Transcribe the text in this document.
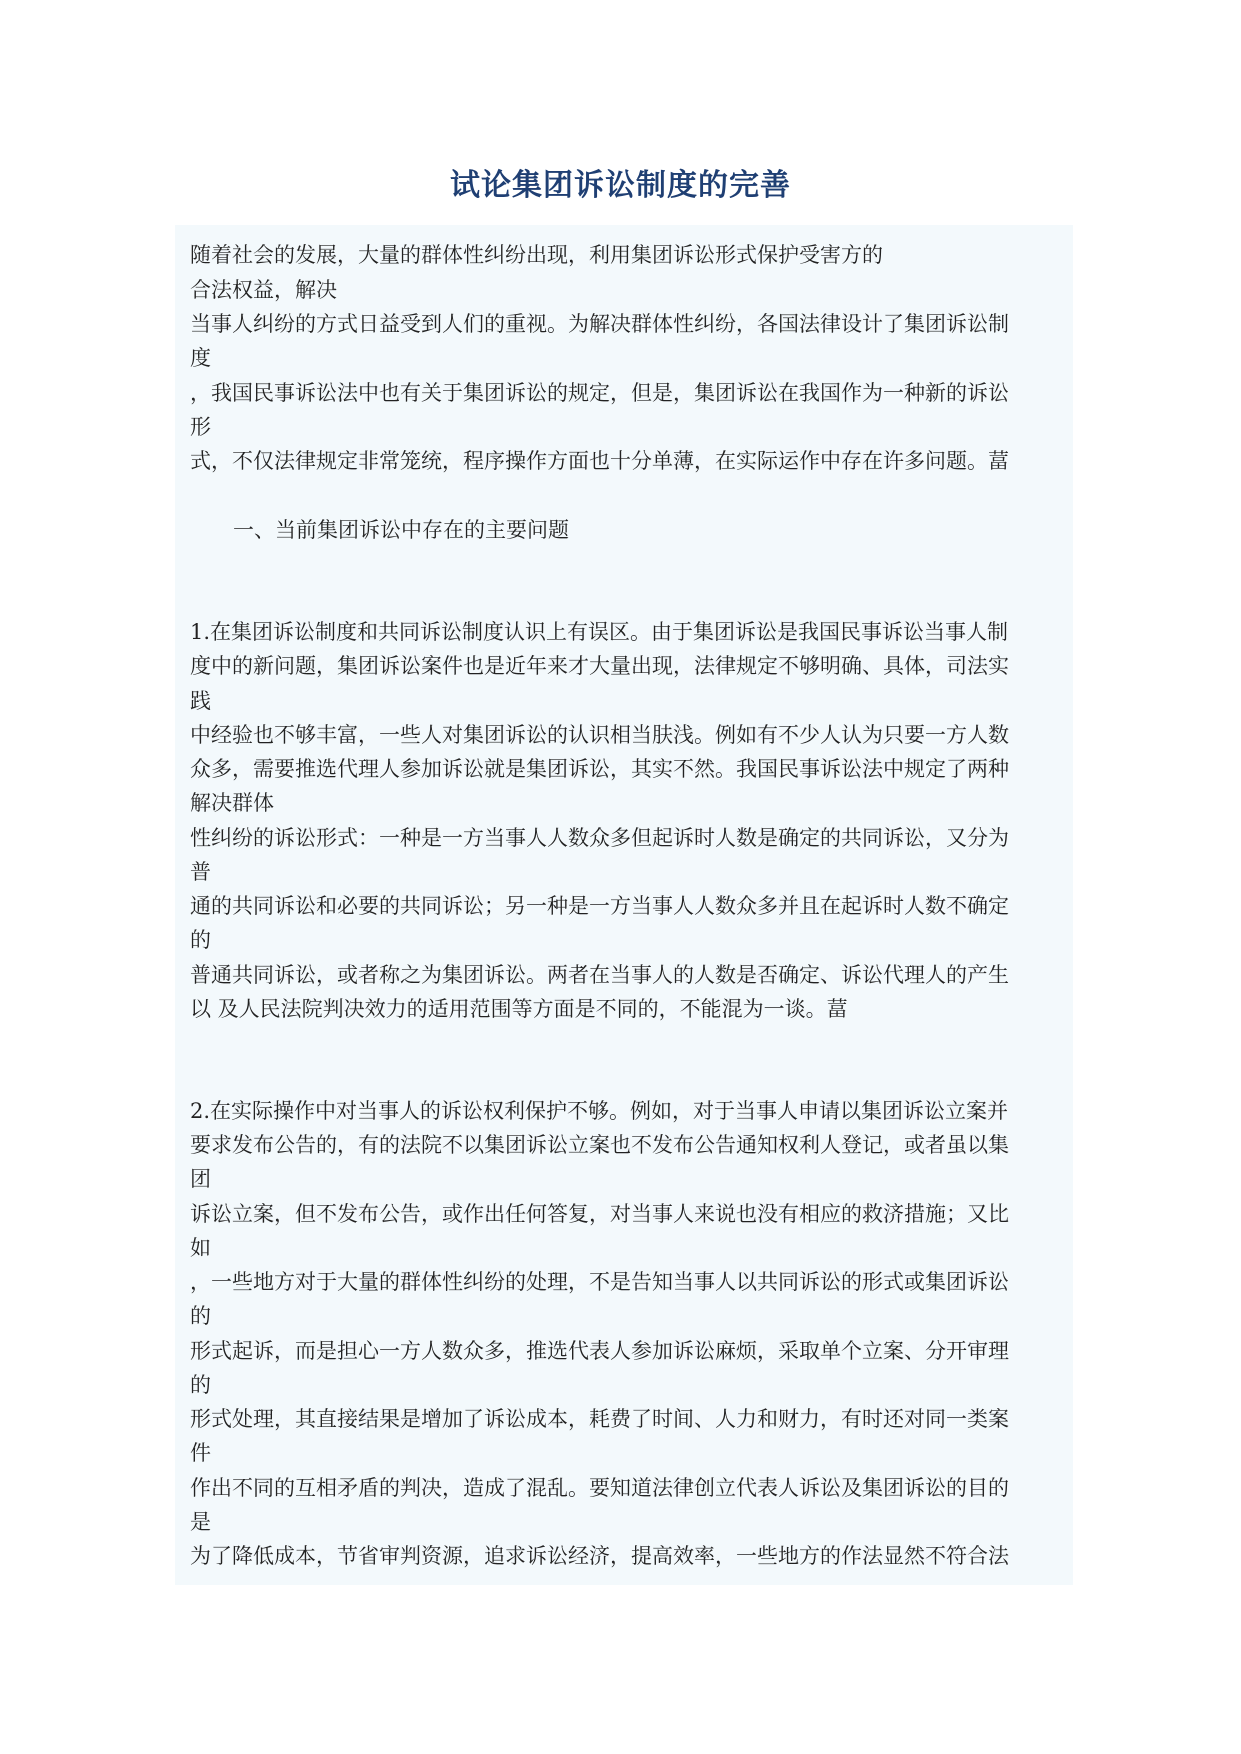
试论集团诉讼制度的完善
随着社会的发展，大量的群体性纠纷出现，利用集团诉讼形式保护受害方的
合法权益，解决
当事人纠纷的方式日益受到人们的重视。为解决群体性纠纷，各国法律设计了集团诉讼制
度
，我国民事诉讼法中也有关于集团诉讼的规定，但是，集团诉讼在我国作为一种新的诉讼
形
式，不仅法律规定非常笼统，程序操作方面也十分单薄，在实际运作中存在许多问题。葍
一、当前集团诉讼中存在的主要问题
1.在集团诉讼制度和共同诉讼制度认识上有误区。由于集团诉讼是我国民事诉讼当事人制
度中的新问题，集团诉讼案件也是近年来才大量出现，法律规定不够明确、具体，司法实
践
中经验也不够丰富，一些人对集团诉讼的认识相当肤浅。例如有不少人认为只要一方人数
众多，需要推选代理人参加诉讼就是集团诉讼，其实不然。我国民事诉讼法中规定了两种
解决群体
性纠纷的诉讼形式：一种是一方当事人人数众多但起诉时人数是确定的共同诉讼，又分为
普
通的共同诉讼和必要的共同诉讼；另一种是一方当事人人数众多并且在起诉时人数不确定
的
普通共同诉讼，或者称之为集团诉讼。两者在当事人的人数是否确定、诉讼代理人的产生
以 及人民法院判决效力的适用范围等方面是不同的，不能混为一谈。葍
2.在实际操作中对当事人的诉讼权利保护不够。例如，对于当事人申请以集团诉讼立案并
要求发布公告的，有的法院不以集团诉讼立案也不发布公告通知权利人登记，或者虽以集
团
诉讼立案，但不发布公告，或作出任何答复，对当事人来说也没有相应的救济措施；又比
如
，一些地方对于大量的群体性纠纷的处理，不是告知当事人以共同诉讼的形式或集团诉讼
的
形式起诉，而是担心一方人数众多，推选代表人参加诉讼麻烦，采取单个立案、分开审理
的
形式处理，其直接结果是增加了诉讼成本，耗费了时间、人力和财力，有时还对同一类案
件
作出不同的互相矛盾的判决，造成了混乱。要知道法律创立代表人诉讼及集团诉讼的目的
是
为了降低成本，节省审判资源，追求诉讼经济，提高效率，一些地方的作法显然不符合法
